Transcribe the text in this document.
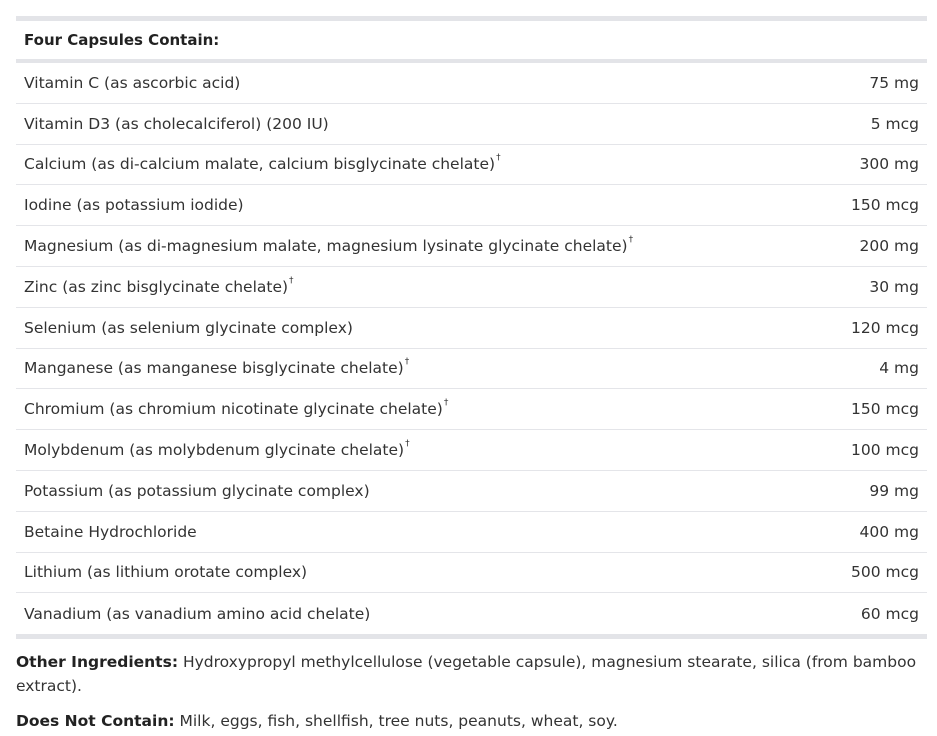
Four Capsules Contain:
Vitamin C (as ascorbic acid)	75 mg
Vitamin D3 (as cholecalciferol) (200 IU)	5 mcg
Calcium (as di-calcium malate, calcium bisglycinate chelate)†	300 mg
Iodine (as potassium iodide)	150 mcg
Magnesium (as di-magnesium malate, magnesium lysinate glycinate chelate)†	200 mg
Zinc (as zinc bisglycinate chelate)†	30 mg
Selenium (as selenium glycinate complex)	120 mcg
Manganese (as manganese bisglycinate chelate)†	4 mg
Chromium (as chromium nicotinate glycinate chelate)†	150 mcg
Molybdenum (as molybdenum glycinate chelate)†	100 mcg
Potassium (as potassium glycinate complex)	99 mg
Betaine Hydrochloride	400 mg
Lithium (as lithium orotate complex)	500 mcg
Vanadium (as vanadium amino acid chelate)	60 mcg

Other Ingredients: Hydroxypropyl methylcellulose (vegetable capsule), magnesium stearate, silica (from bamboo extract).

Does Not Contain: Milk, eggs, fish, shellfish, tree nuts, peanuts, wheat, soy.
